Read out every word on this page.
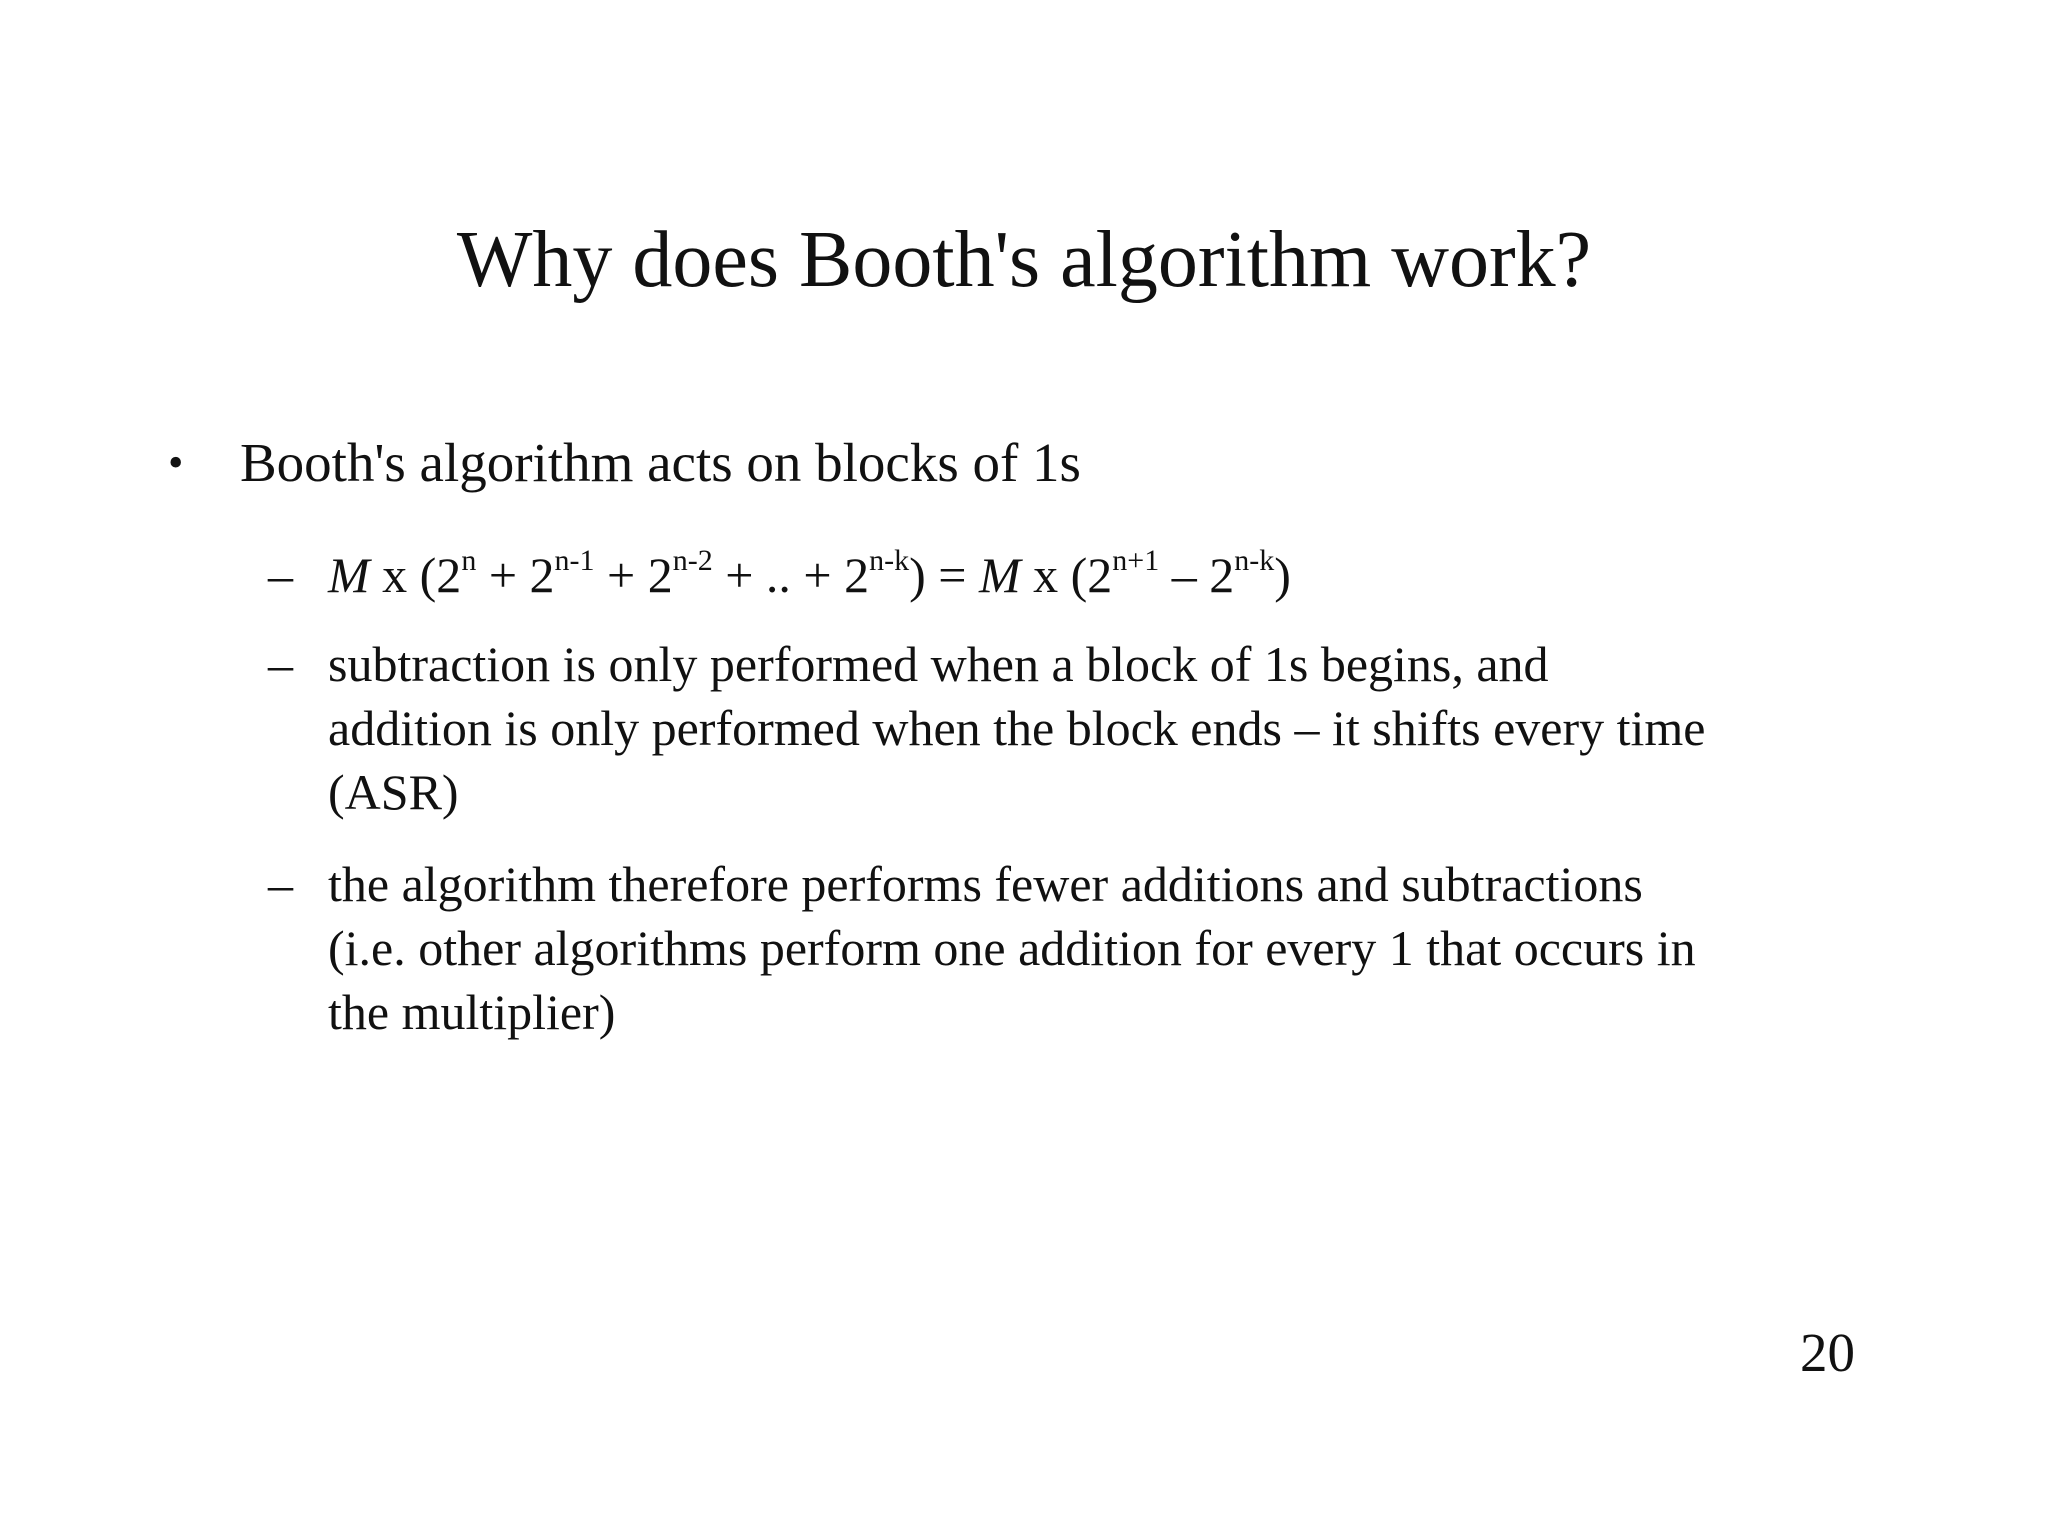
Why does Booth's algorithm work?
• Booth's algorithm acts on blocks of 1s
– M x ($2^n + 2^{n-1} + 2^{n-2}$ + .. + $2^{n-k}) = M$ x $(2^{n+1} - 2^{n-k})$
– subtraction is only performed when a block of 1s begins, and
addition is only performed when the block ends – it shifts every time
(ASR)
– the algorithm therefore performs fewer additions and subtractions
(i.e. other algorithms perform one addition for every 1 that occurs in
the multiplier)
20
